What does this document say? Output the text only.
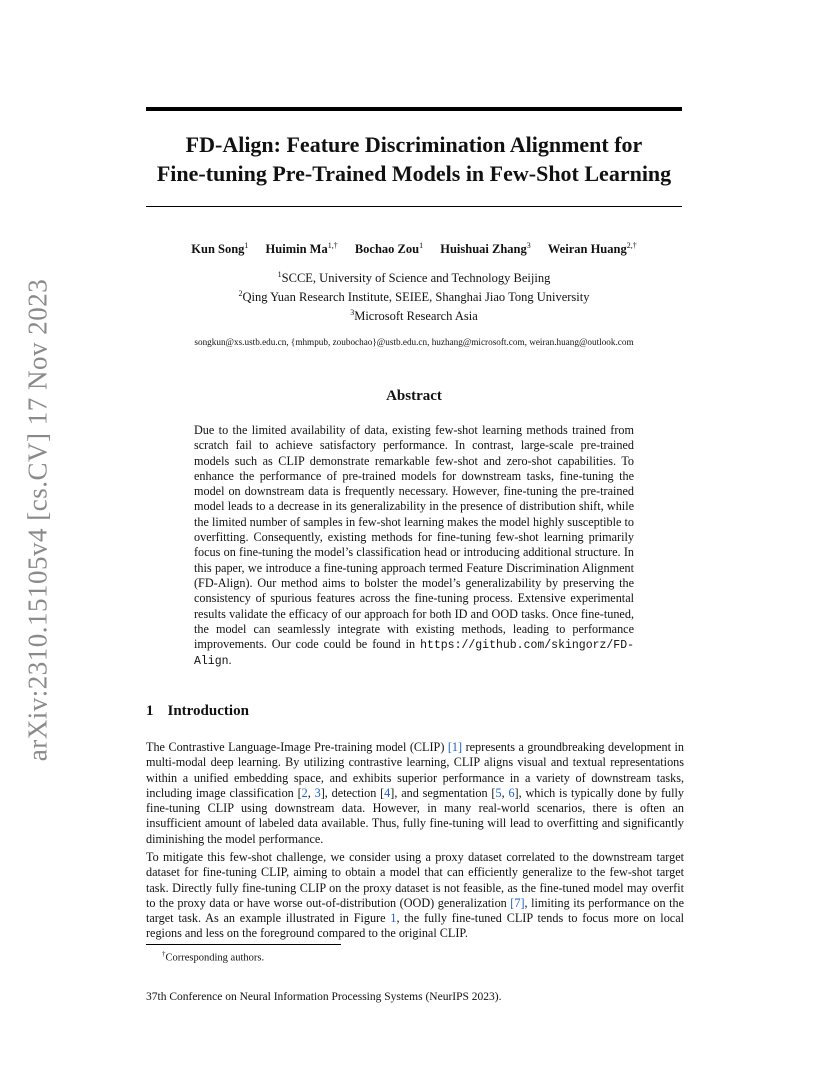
arXiv:2310.15105v4 [cs.CV] 17 Nov 2023
FD-Align: Feature Discrimination Alignment for
Fine-tuning Pre-Trained Models in Few-Shot Learning
Kun Song$^1$ Huimin $Ma^{1,\dagger}$ Bochao Zou$^1$ Huishuai Zhang$^3$ Weiran Huang$^{2,\dagger}$
$^1$SCCE, University of Science and Technology Beijing
$^2$Qing Yuan Research Institute, SEIEE, Shanghai Jiao Tong University
$^3$Microsoft Research Asia
songkun@xs.ustb.edu.cn, {mhmpub, zoubochao}@ustb.edu.cn, huzhang@microsoft.com, weiran.huang@outlook.com
Abstract
Due to the limited availability of data, existing few-shot learning methods trained from scratch fail to achieve satisfactory performance. In contrast, large-scale pre-trained models such as CLIP demonstrate remarkable few-shot and zero-shot capabilities. To enhance the performance of pre-trained models for downstream tasks, fine-tuning the model on downstream data is frequently necessary. However, fine-tuning the pre-trained model leads to a decrease in its generalizability in the presence of distribution shift, while the limited number of samples in few-shot learning makes the model highly susceptible to overfitting. Consequently, existing methods for fine-tuning few-shot learning primarily focus on fine-tuning the model’s classification head or introducing additional structure. In this paper, we introduce a fine-tuning approach termed Feature Discrimination Alignment (FD-Align). Our method aims to bolster the model’s generalizability by preserving the consistency of spurious features across the fine-tuning process. Extensive experimental results validate the efficacy of our approach for both ID and OOD tasks. Once fine-tuned, the model can seamlessly integrate with existing methods, leading to performance improvements. Our code could be found in https://github.com/skingorz/FD-Align.
1 Introduction
The Contrastive Language-Image Pre-training model (CLIP) [1] represents a groundbreaking development in multi-modal deep learning. By utilizing contrastive learning, CLIP aligns visual and textual representations within a unified embedding space, and exhibits superior performance in a variety of downstream tasks, including image classification [2, 3], detection [4], and segmentation [5, 6], which is typically done by fully fine-tuning CLIP using downstream data. However, in many real-world scenarios, there is often an insufficient amount of labeled data available. Thus, fully fine-tuning will lead to overfitting and significantly diminishing the model performance.
To mitigate this few-shot challenge, we consider using a proxy dataset correlated to the downstream target dataset for fine-tuning CLIP, aiming to obtain a model that can efficiently generalize to the few-shot target task. Directly fully fine-tuning CLIP on the proxy dataset is not feasible, as the fine-tuned model may overfit to the proxy data or have worse out-of-distribution (OOD) generalization [7], limiting its performance on the target task. As an example illustrated in Figure 1, the fully fine-tuned CLIP tends to focus more on local regions and less on the foreground compared to the original CLIP.
†Corresponding authors.
37th Conference on Neural Information Processing Systems (NeurIPS 2023).
